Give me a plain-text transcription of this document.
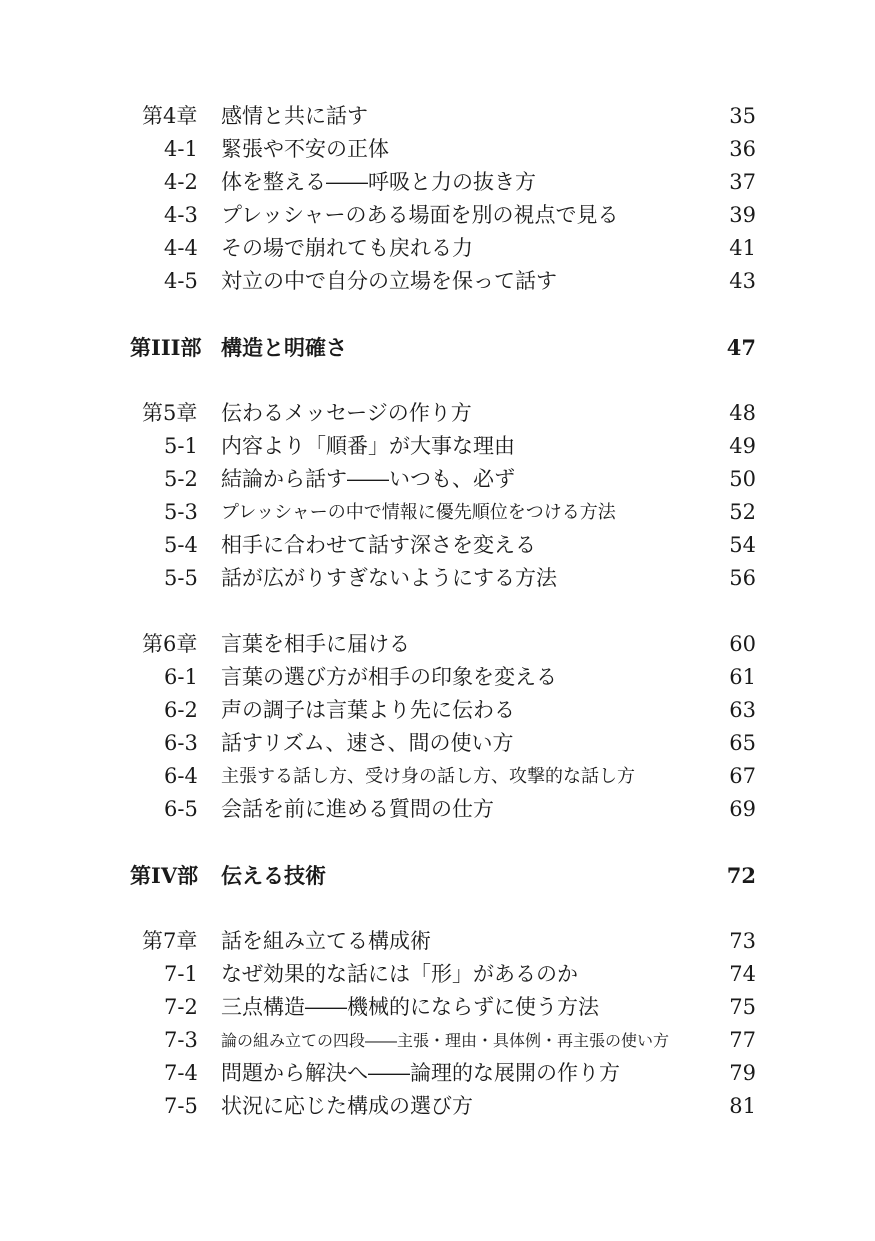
第4章 感情と共に話す	35
4-1 緊張や不安の正体	36
4-2 体を整える――呼吸と力の抜き方	37
4-3 プレッシャーのある場面を別の視点で見る	39
4-4 その場で崩れても戻れる力	41
4-5 対立の中で自分の立場を保って話す	43
第III部 構造と明確さ	47
第5章 伝わるメッセージの作り方	48
5-1 内容より「順番」が大事な理由	49
5-2 結論から話す――いつも、必ず	50
5-3 プレッシャーの中で情報に優先順位をつける方法	52
5-4 相手に合わせて話す深さを変える	54
5-5 話が広がりすぎないようにする方法	56
第6章 言葉を相手に届ける	60
6-1 言葉の選び方が相手の印象を変える	61
6-2 声の調子は言葉より先に伝わる	63
6-3 話すリズム、速さ、間の使い方	65
6-4 主張する話し方、受け身の話し方、攻撃的な話し方	67
6-5 会話を前に進める質問の仕方	69
第IV部 伝える技術	72
第7章 話を組み立てる構成術	73
7-1 なぜ効果的な話には「形」があるのか	74
7-2 三点構造――機械的にならずに使う方法	75
7-3 論の組み立ての四段――主張・理由・具体例・再主張の使い方	77
7-4 問題から解決へ――論理的な展開の作り方	79
7-5 状況に応じた構成の選び方	81
